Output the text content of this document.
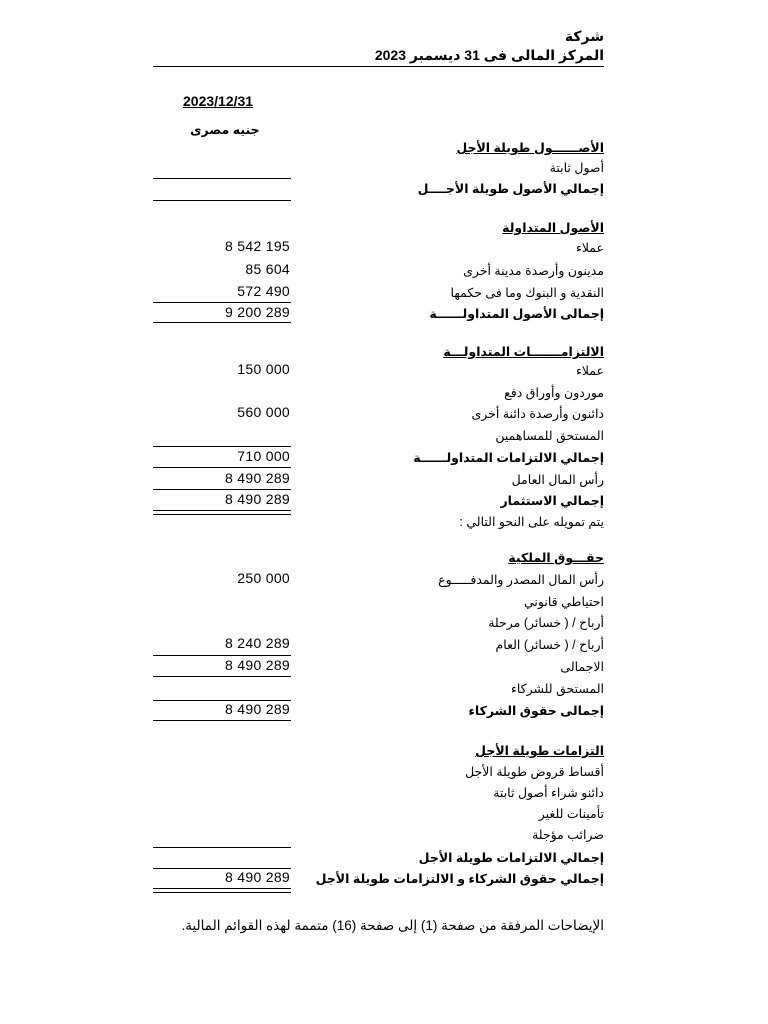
شركة
المركز المالى فى 31 ديسمبر 2023
2023/12/31
جنيه مصرى
الأصــــــول طويلة الأجل
أصول ثابتة
إجمالي الأصول طويلة الأجــــل
الأصول المتداولة
عملاء
8 542 195
مدينون وأرصدة مدينة أخرى
85 604
النقدية و البنوك وما فى حكمها
572 490
إجمالى الأصول المتداولــــــة
9 200 289
الالتزامـــــــات المتداولـــة
عملاء
150 000
موردون وأوراق دفع
دائنون وأرصدة دائنة أخرى
560 000
المستحق للمساهمين
إجمالي الالتزامات المتداولــــــة
710 000
رأس المال العامل
8 490 289
إجمالي الاستثمار
8 490 289
يتم تمويله على النحو التالي :
حقـــوق الملكية
رأس المال المصدر والمدفـــــوع
250 000
احتياطي قانوني
أرباح / ( خسائر) مرحلة
أرباح / ( خسائر) العام
8 240 289
الاجمالى
8 490 289
المستحق للشركاء
إجمالى حقوق الشركاء
8 490 289
التزامات طويلة الأجل
أقساط قروض طويلة الأجل
دائنو شراء أصول ثابتة
تأمينات للغير
ضرائب مؤجلة
إجمالي الالتزامات طويلة الأجل
إجمالي حقوق الشركاء و الالتزامات طويلة الأجل
8 490 289
الإيضاحات المرفقة من صفحة (1) إلى صفحة (16) متممة لهذه القوائم المالية.
